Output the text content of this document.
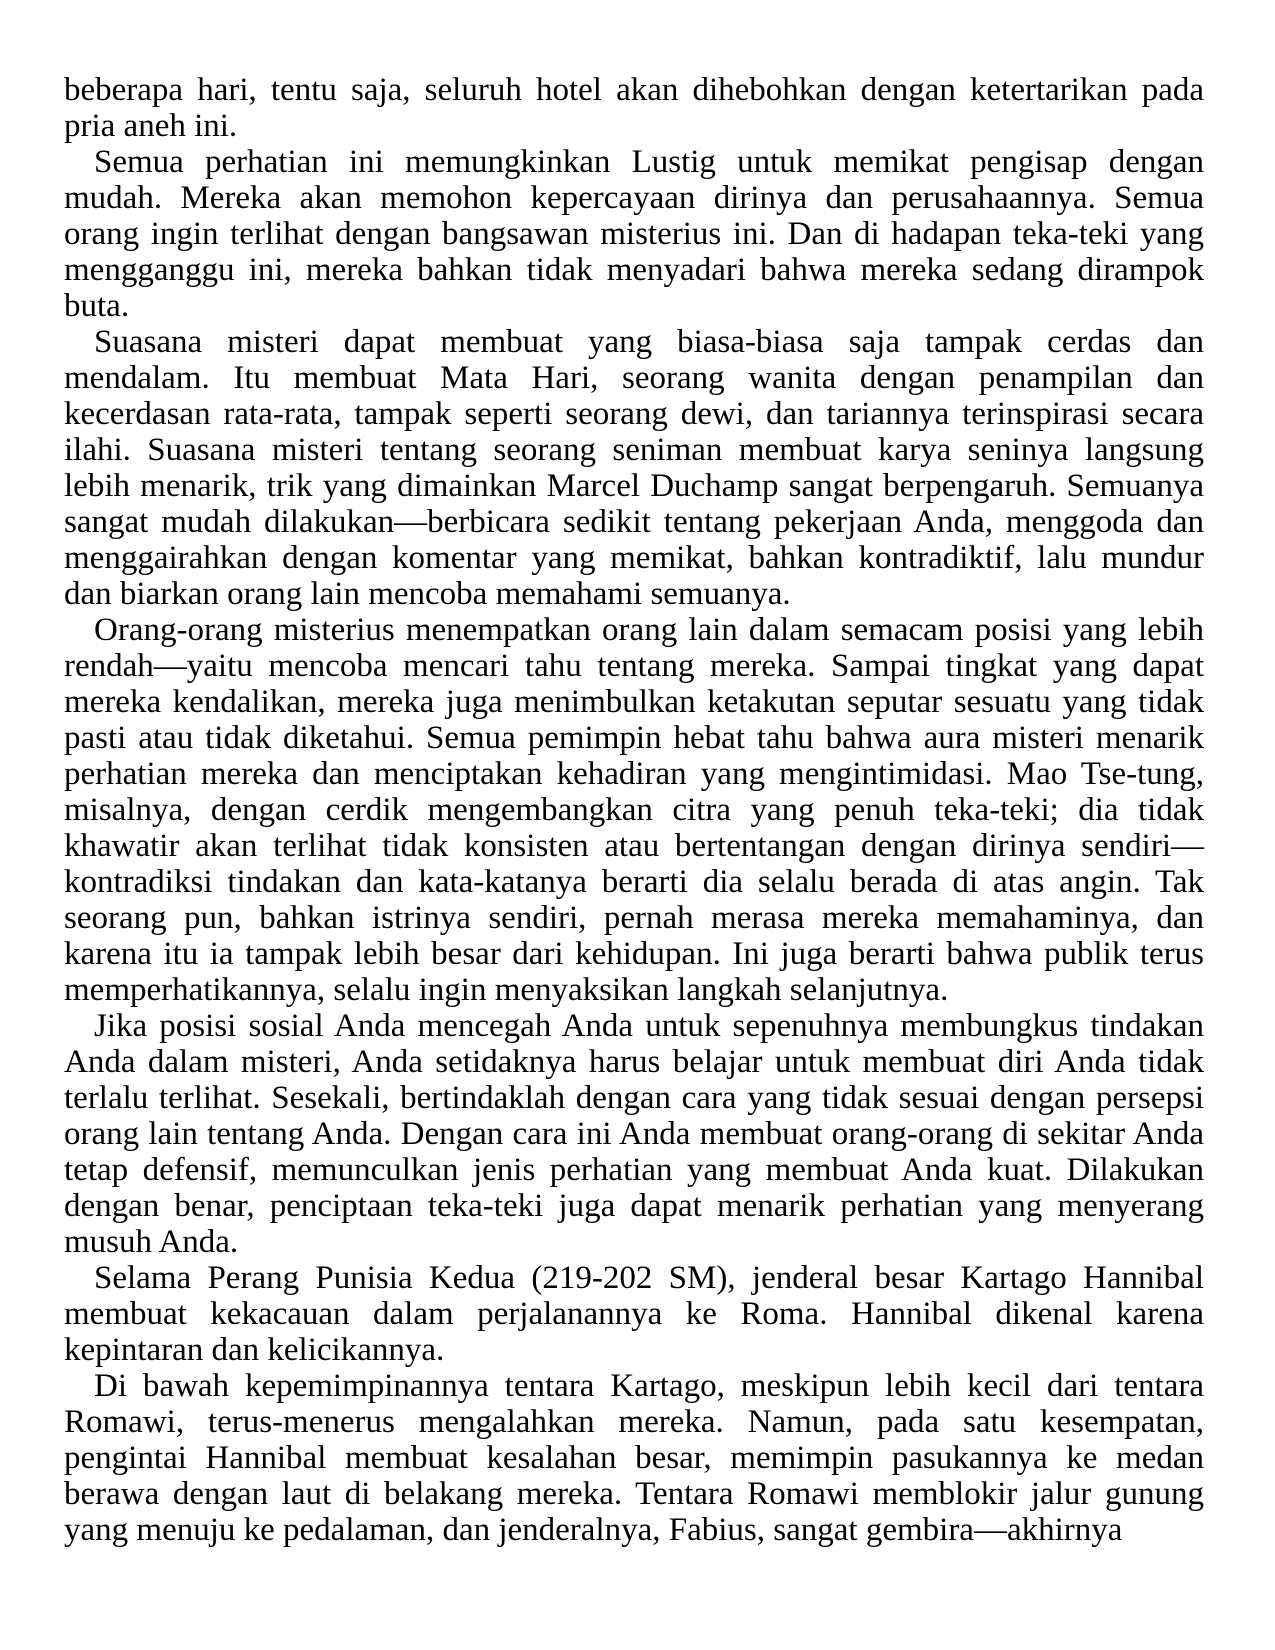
beberapa hari, tentu saja, seluruh hotel akan dihebohkan dengan ketertarikan pada pria aneh ini.

Semua perhatian ini memungkinkan Lustig untuk memikat pengisap dengan mudah. Mereka akan memohon kepercayaan dirinya dan perusahaannya. Semua orang ingin terlihat dengan bangsawan misterius ini. Dan di hadapan teka-teki yang mengganggu ini, mereka bahkan tidak menyadari bahwa mereka sedang dirampok buta.

Suasana misteri dapat membuat yang biasa-biasa saja tampak cerdas dan mendalam. Itu membuat Mata Hari, seorang wanita dengan penampilan dan kecerdasan rata-rata, tampak seperti seorang dewi, dan tariannya terinspirasi secara ilahi. Suasana misteri tentang seorang seniman membuat karya seninya langsung lebih menarik, trik yang dimainkan Marcel Duchamp sangat berpengaruh. Semuanya sangat mudah dilakukan—berbicara sedikit tentang pekerjaan Anda, menggoda dan menggairahkan dengan komentar yang memikat, bahkan kontradiktif, lalu mundur dan biarkan orang lain mencoba memahami semuanya.

Orang-orang misterius menempatkan orang lain dalam semacam posisi yang lebih rendah—yaitu mencoba mencari tahu tentang mereka. Sampai tingkat yang dapat mereka kendalikan, mereka juga menimbulkan ketakutan seputar sesuatu yang tidak pasti atau tidak diketahui. Semua pemimpin hebat tahu bahwa aura misteri menarik perhatian mereka dan menciptakan kehadiran yang mengintimidasi. Mao Tse-tung, misalnya, dengan cerdik mengembangkan citra yang penuh teka-teki; dia tidak khawatir akan terlihat tidak konsisten atau bertentangan dengan dirinya sendiri—kontradiksi tindakan dan kata-katanya berarti dia selalu berada di atas angin. Tak seorang pun, bahkan istrinya sendiri, pernah merasa mereka memahaminya, dan karena itu ia tampak lebih besar dari kehidupan. Ini juga berarti bahwa publik terus memperhatikannya, selalu ingin menyaksikan langkah selanjutnya.

Jika posisi sosial Anda mencegah Anda untuk sepenuhnya membungkus tindakan Anda dalam misteri, Anda setidaknya harus belajar untuk membuat diri Anda tidak terlalu terlihat. Sesekali, bertindaklah dengan cara yang tidak sesuai dengan persepsi orang lain tentang Anda. Dengan cara ini Anda membuat orang-orang di sekitar Anda tetap defensif, memunculkan jenis perhatian yang membuat Anda kuat. Dilakukan dengan benar, penciptaan teka-teki juga dapat menarik perhatian yang menyerang musuh Anda.

Selama Perang Punisia Kedua (219-202 SM), jenderal besar Kartago Hannibal membuat kekacauan dalam perjalanannya ke Roma. Hannibal dikenal karena kepintaran dan kelicikannya.

Di bawah kepemimpinannya tentara Kartago, meskipun lebih kecil dari tentara Romawi, terus-menerus mengalahkan mereka. Namun, pada satu kesempatan, pengintai Hannibal membuat kesalahan besar, memimpin pasukannya ke medan berawa dengan laut di belakang mereka. Tentara Romawi memblokir jalur gunung yang menuju ke pedalaman, dan jenderalnya, Fabius, sangat gembira—akhirnya
